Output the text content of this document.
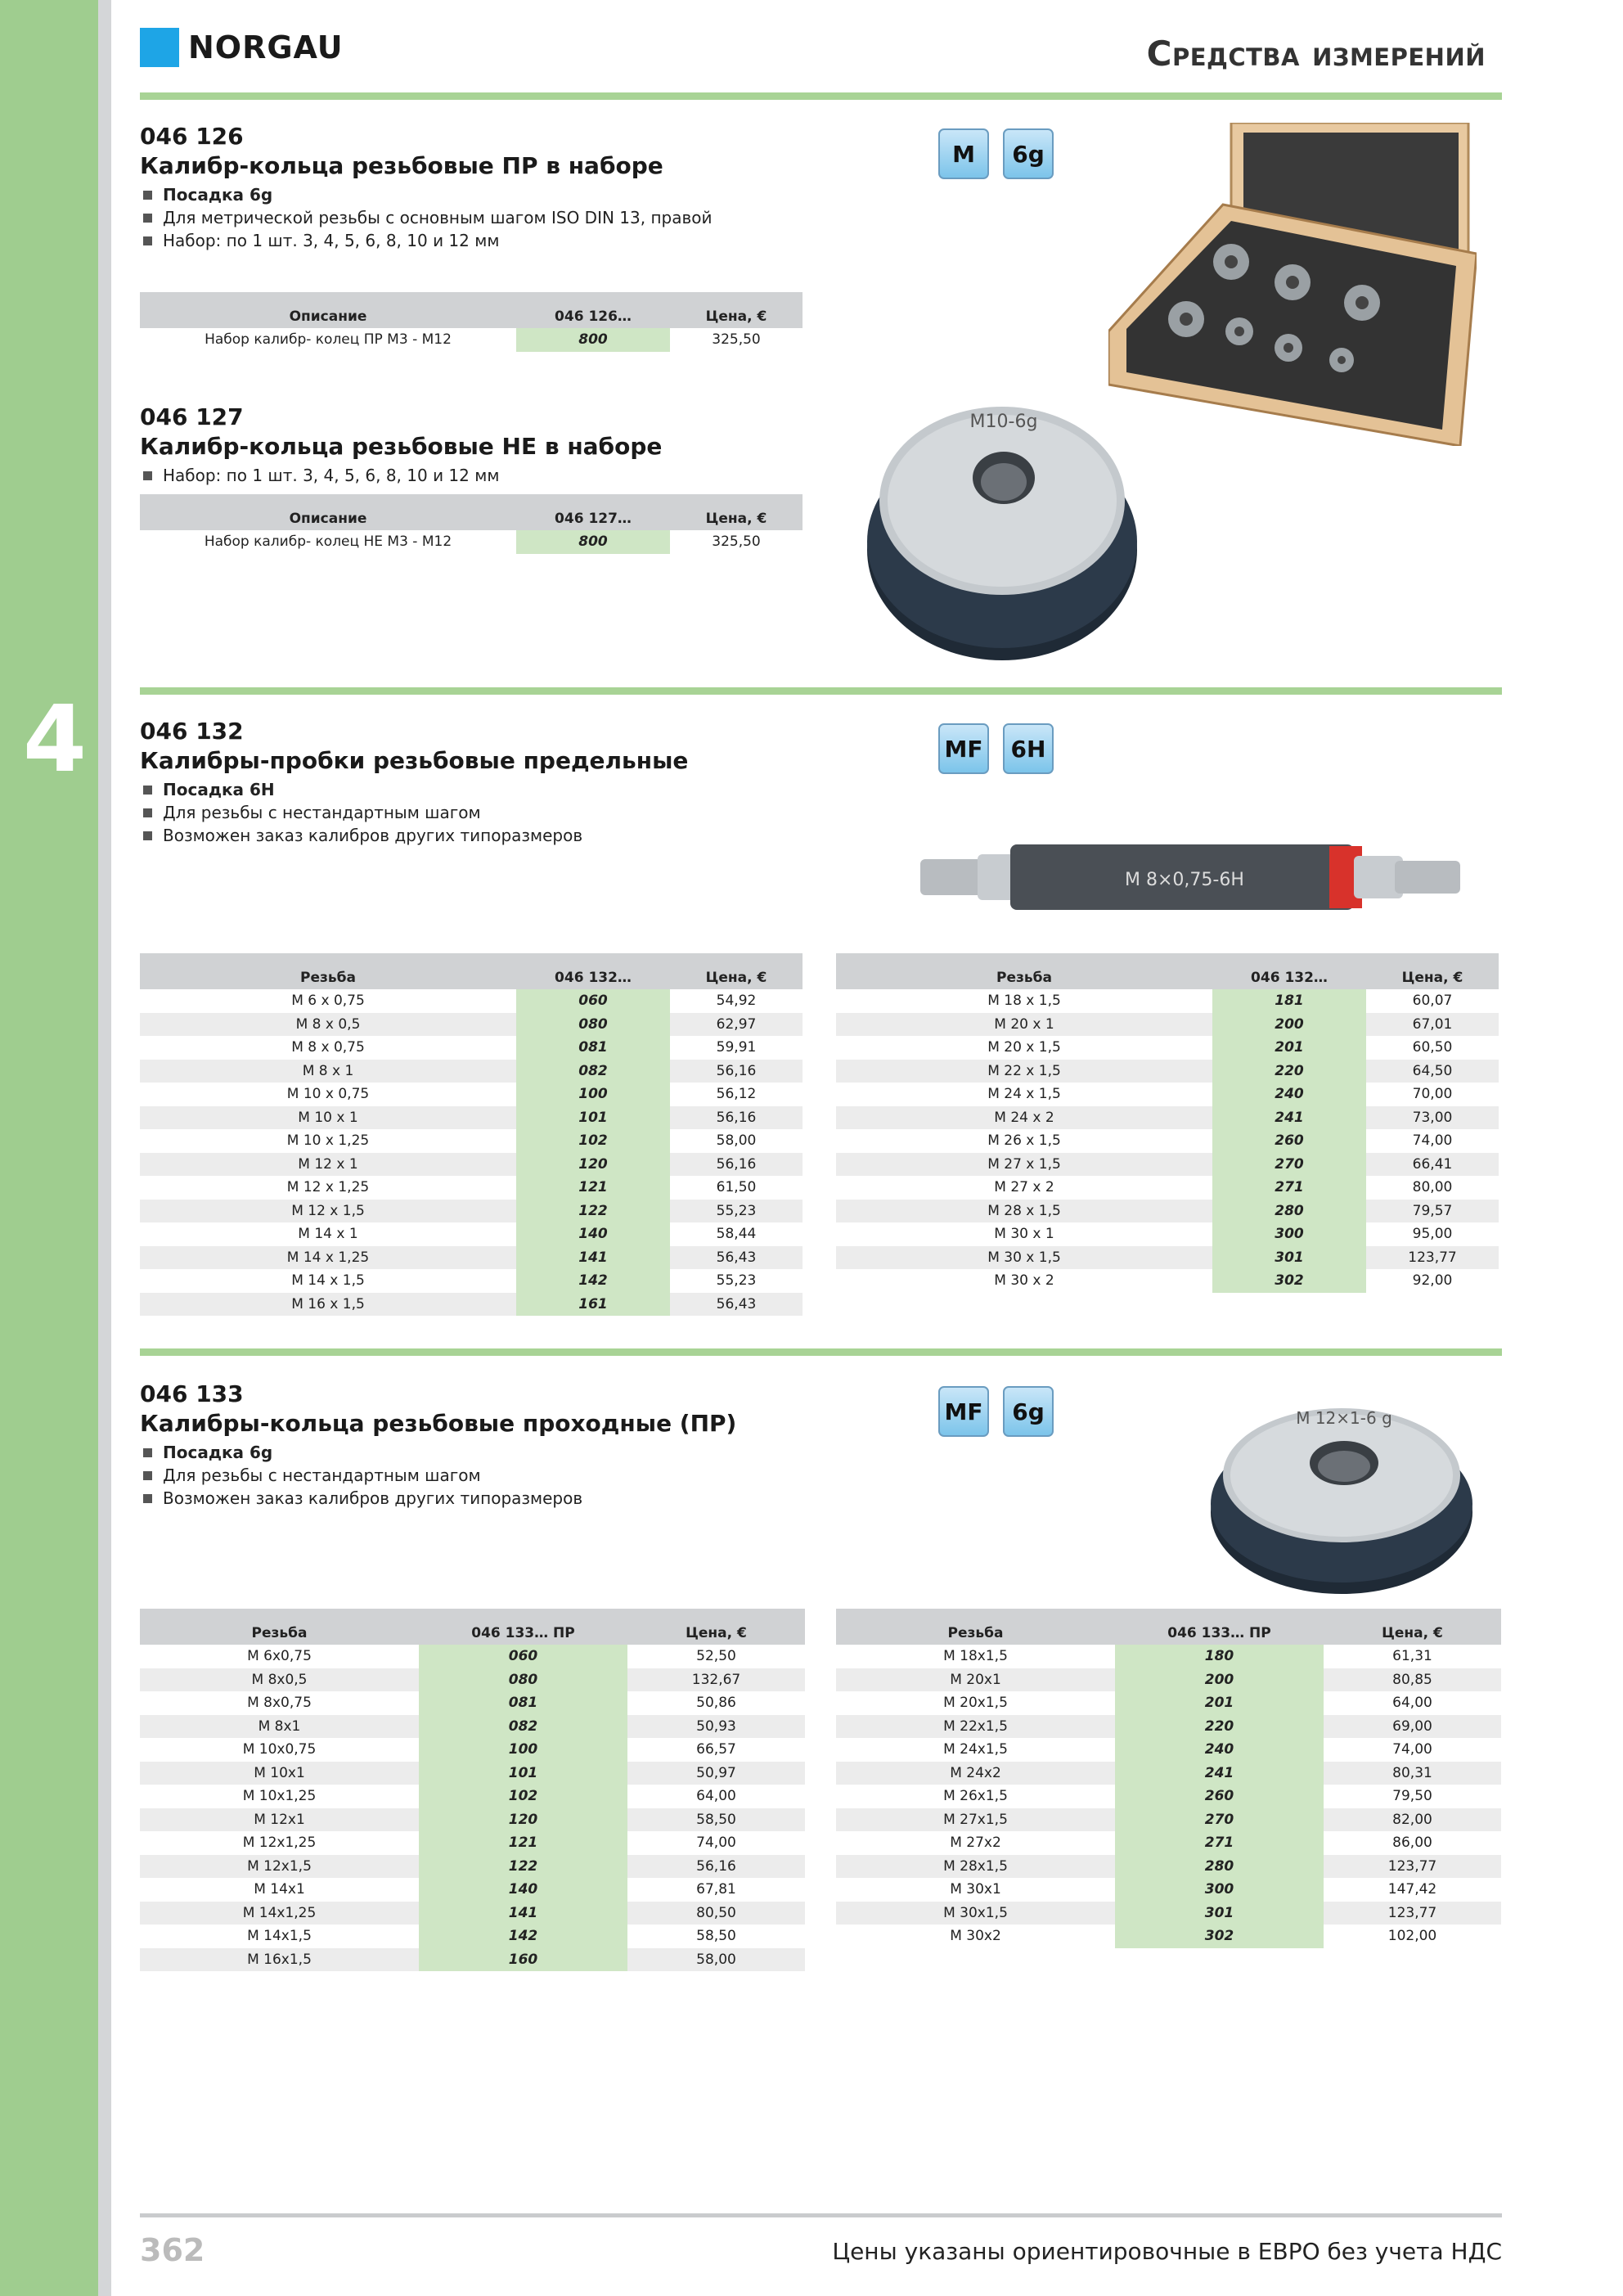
4
NORGAU	Средства измерений
046 126
Калибр-кольца резьбовые ПР в наборе
Посадка 6g
Для метрической резьбы с основным шагом ISO DIN 13, правой
Набор: по 1 шт. 3, 4, 5, 6, 8, 10 и 12 мм
M	6g
Описание	046 126…	Цена, €
Набор калибр- колец ПР М3 - М12	800	325,50
046 127
Калибр-кольца резьбовые НЕ в наборе
Набор: по 1 шт. 3, 4, 5, 6, 8, 10 и 12 мм
M10-6g
Описание	046 127…	Цена, €
Набор калибр- колец НЕ М3 - М12	800	325,50
046 132
Калибры-пробки резьбовые предельные
Посадка 6H
Для резьбы с нестандартным шагом
Возможен заказ калибров других типоразмеров
MF	6H
M 8×0,75-6H
Резьба	046 132…	Цена, €
M 6 x 0,75	060	54,92
M 8 x 0,5	080	62,97
M 8 x 0,75	081	59,91
M 8 x 1	082	56,16
M 10 x 0,75	100	56,12
M 10 x 1	101	56,16
M 10 x 1,25	102	58,00
M 12 x 1	120	56,16
M 12 x 1,25	121	61,50
M 12 x 1,5	122	55,23
M 14 x 1	140	58,44
M 14 x 1,25	141	56,43
M 14 x 1,5	142	55,23
M 16 x 1,5	161	56,43
Резьба	046 132…	Цена, €
M 18 x 1,5	181	60,07
M 20 x 1	200	67,01
M 20 x 1,5	201	60,50
M 22 x 1,5	220	64,50
M 24 x 1,5	240	70,00
M 24 x 2	241	73,00
M 26 x 1,5	260	74,00
M 27 x 1,5	270	66,41
M 27 x 2	271	80,00
M 28 x 1,5	280	79,57
M 30 x 1	300	95,00
M 30 x 1,5	301	123,77
M 30 x 2	302	92,00
046 133
Калибры-кольца резьбовые проходные (ПР)
Посадка 6g
Для резьбы с нестандартным шагом
Возможен заказ калибров других типоразмеров
MF	6g	M 12×1-6 g
Резьба	046 133… ПР	Цена, €
M 6x0,75	060	52,50
M 8x0,5	080	132,67
M 8x0,75	081	50,86
M 8x1	082	50,93
M 10x0,75	100	66,57
M 10x1	101	50,97
M 10x1,25	102	64,00
M 12x1	120	58,50
M 12x1,25	121	74,00
M 12x1,5	122	56,16
M 14x1	140	67,81
M 14x1,25	141	80,50
M 14x1,5	142	58,50
M 16x1,5	160	58,00
Резьба	046 133… ПР	Цена, €
M 18x1,5	180	61,31
M 20x1	200	80,85
M 20x1,5	201	64,00
M 22x1,5	220	69,00
M 24x1,5	240	74,00
M 24x2	241	80,31
M 26x1,5	260	79,50
M 27x1,5	270	82,00
M 27x2	271	86,00
M 28x1,5	280	123,77
M 30x1	300	147,42
M 30x1,5	301	123,77
M 30x2	302	102,00
362	Цены указаны ориентировочные в ЕВРО без учета НДС
